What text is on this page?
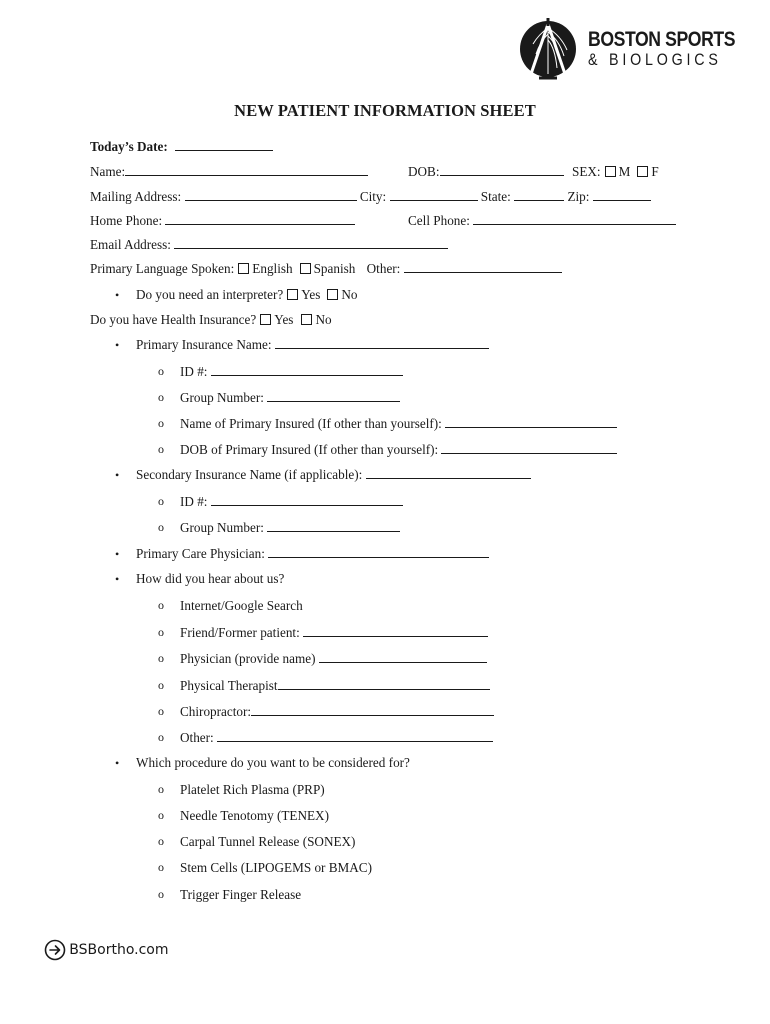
BOSTON SPORTS
& BIOLOGICS
NEW PATIENT INFORMATION SHEET
Today’s Date:
Name:	DOB:	SEX: M F
Mailing Address:	City:	State:	Zip:
Home Phone:	Cell Phone:
Email Address:
Primary Language Spoken: English Spanish Other:
• Do you need an interpreter? Yes No
Do you have Health Insurance? Yes No
• Primary Insurance Name:
o ID #:
o Group Number:
o Name of Primary Insured (If other than yourself):
o DOB of Primary Insured (If other than yourself):
• Secondary Insurance Name (if applicable):
o ID #:
o Group Number:
• Primary Care Physician:
• How did you hear about us?
o Internet/Google Search
o Friend/Former patient:
o Physician (provide name)
o Physical Therapist
o Chiropractor:
o Other:
• Which procedure do you want to be considered for?
o Platelet Rich Plasma (PRP)
o Needle Tenotomy (TENEX)
o Carpal Tunnel Release (SONEX)
o Stem Cells (LIPOGEMS or BMAC)
o Trigger Finger Release
BSBortho.com
